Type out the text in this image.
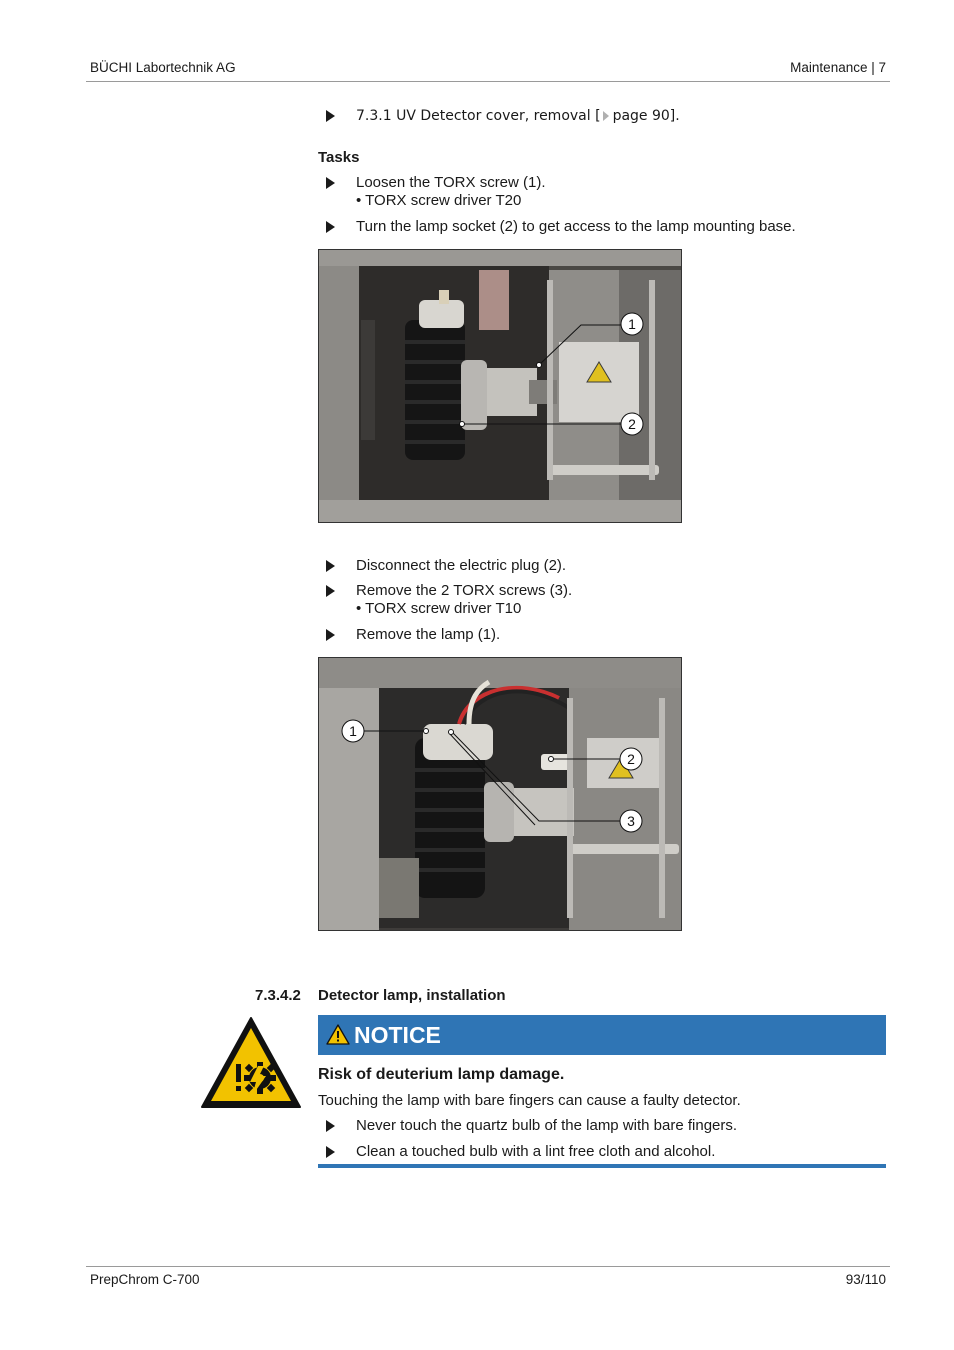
BÜCHI Labortechnik AG	Maintenance | 7
7.3.1 UV Detector cover, removal [ page 90].
Tasks
Loosen the TORX screw (1).
• TORX screw driver T20
Turn the lamp socket (2) to get access to the lamp mounting base.
1
2
Disconnect the electric plug (2).
Remove the 2 TORX screws (3).
• TORX screw driver T10
Remove the lamp (1).
1
2
3
7.3.4.2 Detector lamp, installation
NOTICE
Risk of deuterium lamp damage.
Touching the lamp with bare fingers can cause a faulty detector.
Never touch the quartz bulb of the lamp with bare fingers.
Clean a touched bulb with a lint free cloth and alcohol.
PrepChrom C-700	93/110
